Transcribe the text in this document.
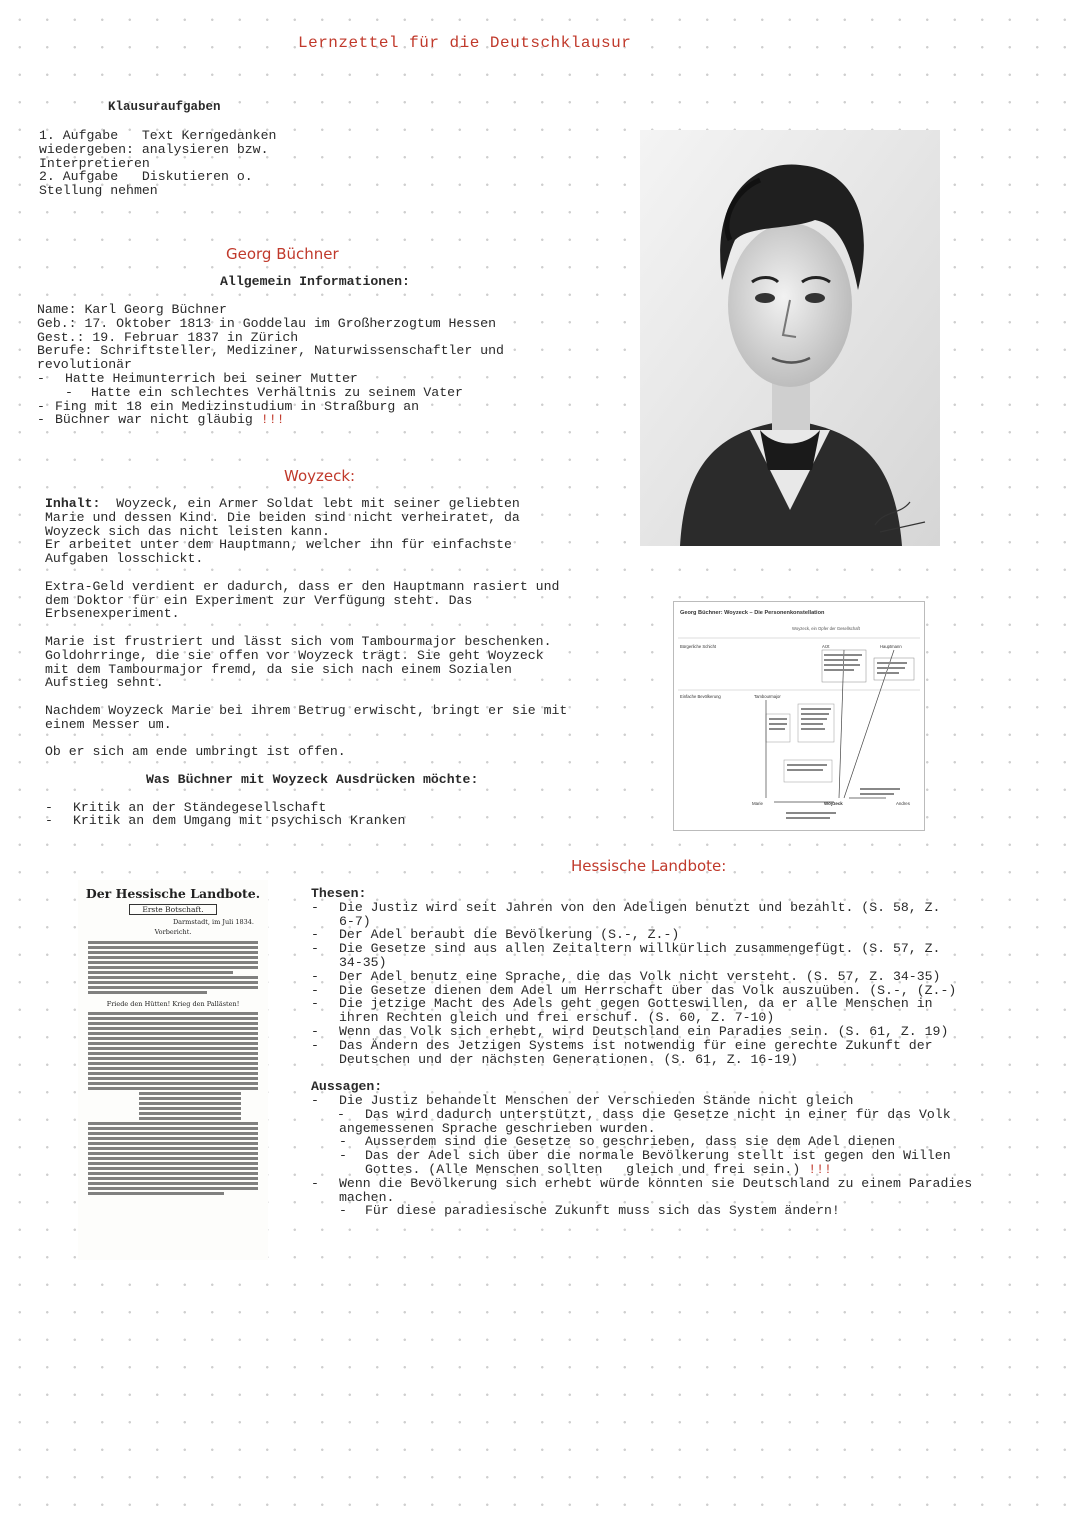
Lernzettel für die Deutschklausur
Klausuraufgaben
1. Aufgabe   Text Kerngedanken
wiedergeben: analysieren bzw.
Interpretieren
2. Aufgabe   Diskutieren o.
Stellung nehmen
Georg Büchner
Allgemein Informationen:
Name: Karl Georg Büchner
Geb.: 17. Oktober 1813 in Goddelau im Großherzogtum Hessen
Gest.: 19. Februar 1837 in Zürich
Berufe: Schriftsteller, Mediziner, Naturwissenschaftler und
revolutionär
- Hatte Heimunterrich bei seiner Mutter
- Hatte ein schlechtes Verhältnis zu seinem Vater
- Fing mit 18 ein Medizinstudium in Straßburg an
- Büchner war nicht gläubig !!!
Woyzeck:
Inhalt:  Woyzeck, ein Armer Soldat lebt mit seiner geliebten
Marie und dessen Kind. Die beiden sind nicht verheiratet, da
Woyzeck sich das nicht leisten kann.
Er arbeitet unter dem Hauptmann, welcher ihn für einfachste
Aufgaben losschickt.
Extra-Geld verdient er dadurch, dass er den Hauptmann rasiert und
dem Doktor für ein Experiment zur Verfügung steht. Das
Erbsenexperiment.
Marie ist frustriert und lässt sich vom Tambourmajor beschenken.
Goldohrringe, die sie offen vor Woyzeck trägt. Sie geht Woyzeck
mit dem Tambourmajor fremd, da sie sich nach einem Sozialen
Aufstieg sehnt.
Nachdem Woyzeck Marie bei ihrem Betrug erwischt, bringt er sie mit
einem Messer um.
Ob er sich am ende umbringt ist offen.
Was Büchner mit Woyzeck Ausdrücken möchte:
- Kritik an der Ständegesellschaft
- Kritik an dem Umgang mit psychisch Kranken
Georg Büchner: Woyzeck – Die Personenkonstellation
Woyzeck, ein Opfer der Gesellschaft
Bürgerliche Schicht	Arzt	Hauptmann
Einfache Bevölkerung	Tambourmajor
Marie	Woyzeck	Andres
Der Hessische Landbote.
Erste Botschaft.
Darmstadt, im Juli 1834.
Vorbericht.
Friede den Hütten! Krieg den Pallästen!
Hessische Landbote:
Thesen:
- Die Justiz wird seit Jahren von den Adeligen benutzt und bezahlt. (S. 58, Z.
6-7)
- Der Adel beraubt die Bevölkerung (S.-, Z.-)
- Die Gesetze sind aus allen Zeitaltern willkürlich zusammengefügt. (S. 57, Z.
34-35)
- Der Adel benutz eine Sprache, die das Volk nicht versteht. (S. 57, Z. 34-35)
- Die Gesetze dienen dem Adel um Herrschaft über das Volk auszuüben. (S.-, (Z.-)
- Die jetzige Macht des Adels geht gegen Gotteswillen, da er alle Menschen in
ihren Rechten gleich und frei erschuf. (S. 60, Z. 7-10)
- Wenn das Volk sich erhebt, wird Deutschland ein Paradies sein. (S. 61, Z. 19)
- Das Ändern des Jetzigen Systems ist notwendig für eine gerechte Zukunft der
Deutschen und der nächsten Generationen. (S. 61, Z. 16-19)
Aussagen:
- Die Justiz behandelt Menschen der Verschieden Stände nicht gleich
- Das wird dadurch unterstützt, dass die Gesetze nicht in einer für das Volk
angemessenen Sprache geschrieben wurden.
- Ausserdem sind die Gesetze so geschrieben, dass sie dem Adel dienen
- Das der Adel sich über die normale Bevölkerung stellt ist gegen den Willen
Gottes. (Alle Menschen sollten   gleich und frei sein.) !!!
- Wenn die Bevölkerung sich erhebt würde könnten sie Deutschland zu einem Paradies
machen.
- Für diese paradiesische Zukunft muss sich das System ändern!
